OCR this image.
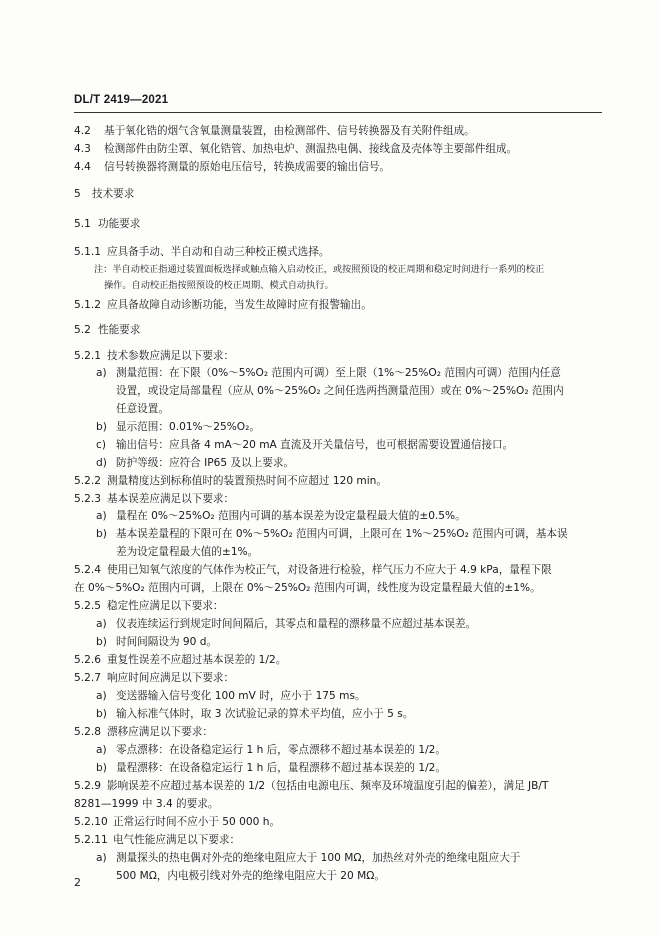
DL/T 2419—2021
4.2 基于氧化锆的烟气含氧量测量装置，由检测部件、信号转换器及有关附件组成。
4.3 检测部件由防尘罩、氧化锆管、加热电炉、测温热电偶、接线盒及壳体等主要部件组成。
4.4 信号转换器将测量的原始电压信号，转换成需要的输出信号。
5 技术要求
5.1 功能要求
5.1.1 应具备手动、半自动和自动三种校正模式选择。
注：半自动校正指通过装置面板选择或触点输入启动校正，或按照预设的校正周期和稳定时间进行一系列的校正
操作。自动校正指按照预设的校正周期、模式自动执行。
5.1.2 应具备故障自动诊断功能，当发生故障时应有报警输出。
5.2 性能要求
5.2.1 技术参数应满足以下要求：
a) 测量范围：在下限（0%～5%O₂ 范围内可调）至上限（1%～25%O₂ 范围内可调）范围内任意
设置，或设定局部量程（应从 0%～25%O₂ 之间任选两挡测量范围）或在 0%～25%O₂ 范围内
任意设置。
b) 显示范围：0.01%～25%O₂。
c) 输出信号：应具备 4 mA～20 mA 直流及开关量信号，也可根据需要设置通信接口。
d) 防护等级：应符合 IP65 及以上要求。
5.2.2 测量精度达到标称值时的装置预热时间不应超过 120 min。
5.2.3 基本误差应满足以下要求：
a) 量程在 0%～25%O₂ 范围内可调的基本误差为设定量程最大值的±0.5%。
b) 基本误差量程的下限可在 0%～5%O₂ 范围内可调，上限可在 1%～25%O₂ 范围内可调，基本误
差为设定量程最大值的±1%。
5.2.4 使用已知氧气浓度的气体作为校正气，对设备进行检验，样气压力不应大于 4.9 kPa，量程下限
在 0%～5%O₂ 范围内可调，上限在 0%～25%O₂ 范围内可调，线性度为设定量程最大值的±1%。
5.2.5 稳定性应满足以下要求：
a) 仪表连续运行到规定时间间隔后，其零点和量程的漂移量不应超过基本误差。
b) 时间间隔设为 90 d。
5.2.6 重复性误差不应超过基本误差的 1/2。
5.2.7 响应时间应满足以下要求：
a) 变送器输入信号变化 100 mV 时，应小于 175 ms。
b) 输入标准气体时，取 3 次试验记录的算术平均值，应小于 5 s。
5.2.8 漂移应满足以下要求：
a) 零点漂移：在设备稳定运行 1 h 后，零点漂移不超过基本误差的 1/2。
b) 量程漂移：在设备稳定运行 1 h 后，量程漂移不超过基本误差的 1/2。
5.2.9 影响误差不应超过基本误差的 1/2（包括由电源电压、频率及环境温度引起的偏差），满足 JB/T
8281—1999 中 3.4 的要求。
5.2.10 正常运行时间不应小于 50 000 h。
5.2.11 电气性能应满足以下要求：
a) 测量探头的热电偶对外壳的绝缘电阻应大于 100 MΩ，加热丝对外壳的绝缘电阻应大于
500 MΩ，内电极引线对外壳的绝缘电阻应大于 20 MΩ。
2
